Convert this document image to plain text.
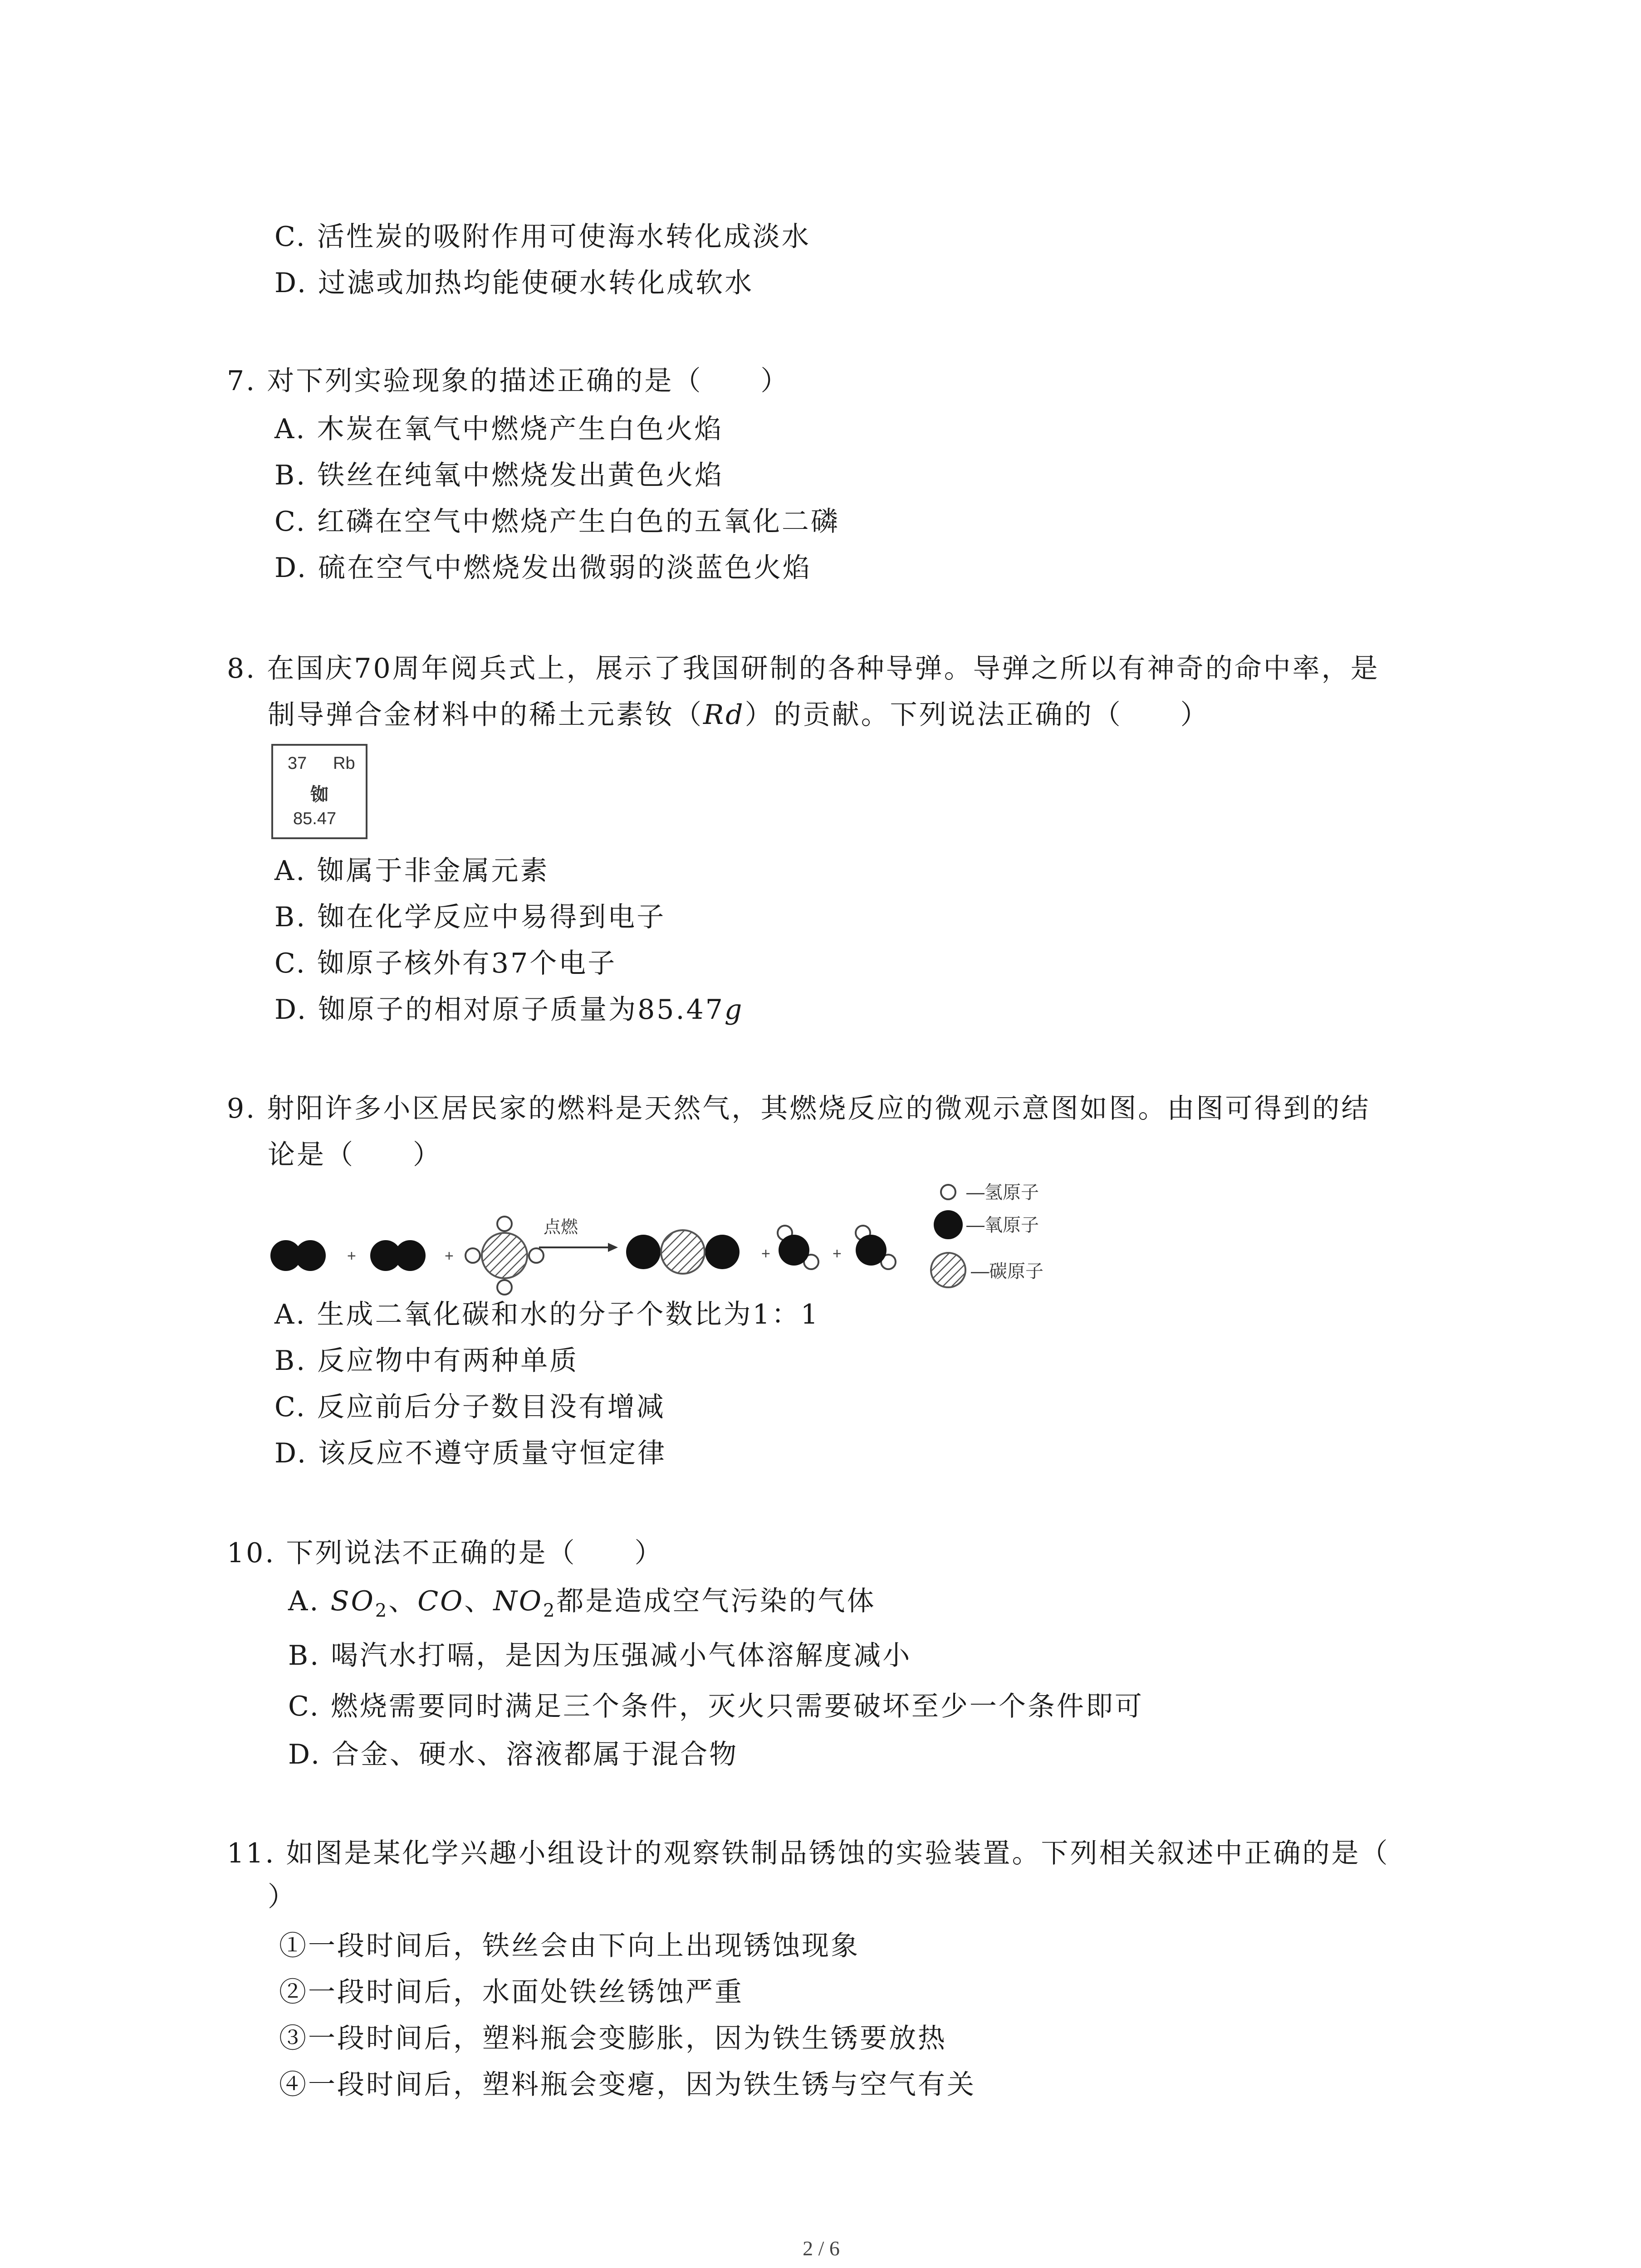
C. 活性炭的吸附作用可使海水转化成淡水
D. 过滤或加热均能使硬水转化成软水
7. 对下列实验现象的描述正确的是（　　）
A. 木炭在氧气中燃烧产生白色火焰
B. 铁丝在纯氧中燃烧发出黄色火焰
C. 红磷在空气中燃烧产生白色的五氧化二磷
D. 硫在空气中燃烧发出微弱的淡蓝色火焰
8. 在国庆70周年阅兵式上，展示了我国研制的各种导弹。导弹之所以有神奇的命中率，是
制导弹合金材料中的稀土元素钕（Rd）的贡献。下列说法正确的（　　）
37 Rb
铷
85.47
A. 铷属于非金属元素
B. 铷在化学反应中易得到电子
C. 铷原子核外有37个电子
D. 铷原子的相对原子质量为85.47g
9. 射阳许多小区居民家的燃料是天然气，其燃烧反应的微观示意图如图。由图可得到的结
论是（　　）
+	+
点燃
+	+
—氢原子
—氧原子
—碳原子
A. 生成二氧化碳和水的分子个数比为1：1
B. 反应物中有两种单质
C. 反应前后分子数目没有增减
D. 该反应不遵守质量守恒定律
10. 下列说法不正确的是（　　）
A. $SO_2$、CO、$NO_2$都是造成空气污染的气体
B. 喝汽水打嗝，是因为压强减小气体溶解度减小
C. 燃烧需要同时满足三个条件，灭火只需要破坏至少一个条件即可
D. 合金、硬水、溶液都属于混合物
11. 如图是某化学兴趣小组设计的观察铁制品锈蚀的实验装置。下列相关叙述中正确的是（
）
①一段时间后，铁丝会由下向上出现锈蚀现象
②一段时间后，水面处铁丝锈蚀严重
③一段时间后，塑料瓶会变膨胀，因为铁生锈要放热
④一段时间后，塑料瓶会变瘪，因为铁生锈与空气有关
2 / 6
